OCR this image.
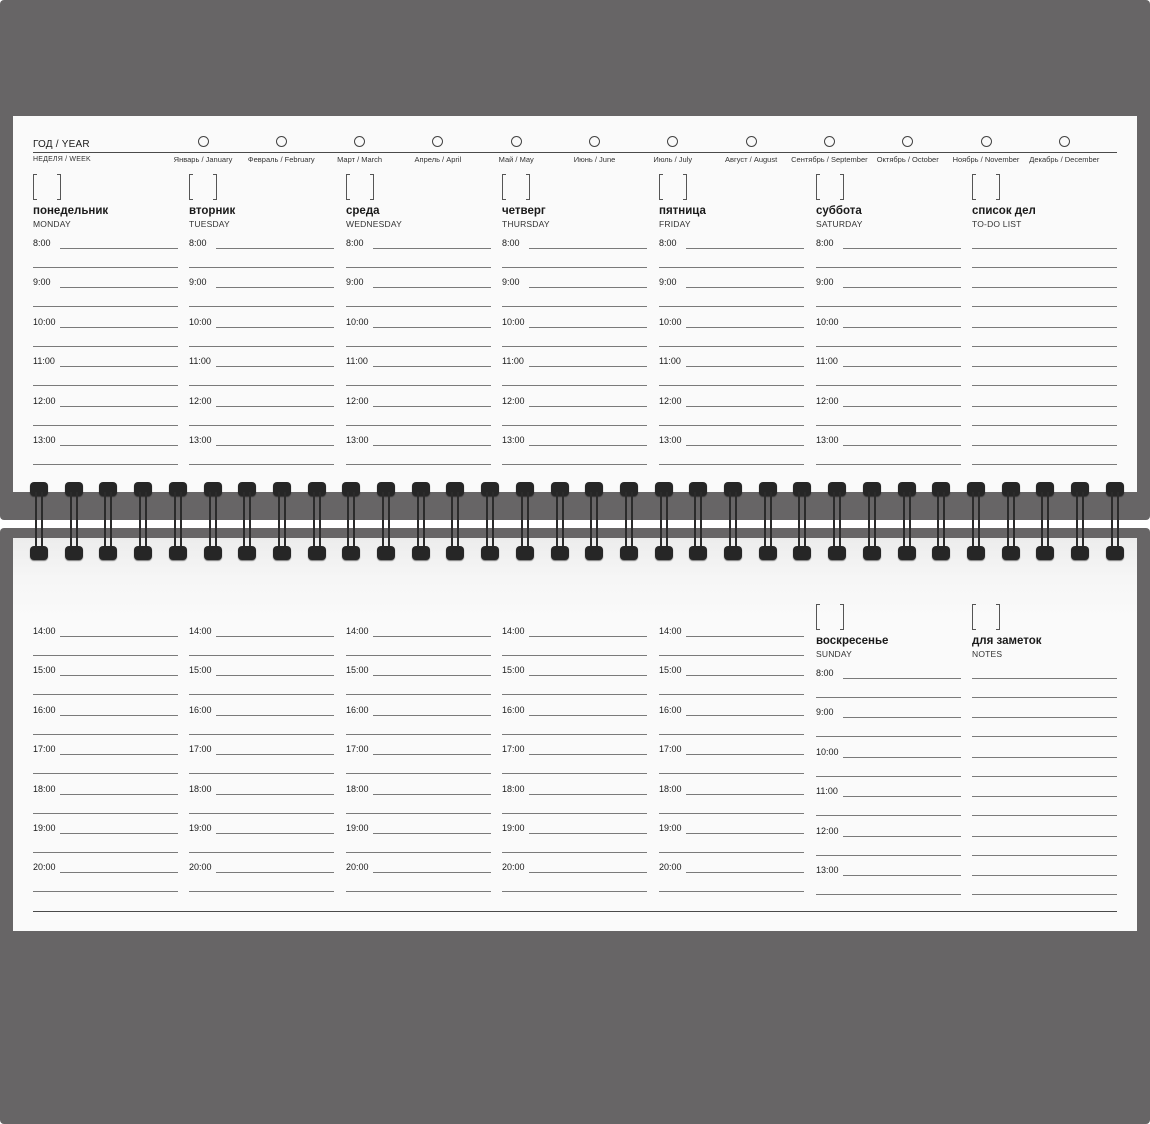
ГОД / YEAR
НЕДЕЛЯ / WEEK	Январь / January	Февраль / February	Март / March	Апрель / April	Май / May	Июнь / June	Июль / July	Август / August	Сентябрь / September	Октябрь / October	Ноябрь / November	Декабрь / December
понедельник
MONDAY
8:00
9:00
10:00
11:00
12:00
13:00
вторник
TUESDAY
8:00
9:00
10:00
11:00
12:00
13:00
среда
WEDNESDAY
8:00
9:00
10:00
11:00
12:00
13:00
четверг
THURSDAY
8:00
9:00
10:00
11:00
12:00
13:00
пятница
FRIDAY
8:00
9:00
10:00
11:00
12:00
13:00
суббота
SATURDAY
8:00
9:00
10:00
11:00
12:00
13:00
список дел
TO-DO LIST
14:00
15:00
16:00
17:00
18:00
19:00
20:00
14:00
15:00
16:00
17:00
18:00
19:00
20:00
14:00
15:00
16:00
17:00
18:00
19:00
20:00
14:00
15:00
16:00
17:00
18:00
19:00
20:00
14:00
15:00
16:00
17:00
18:00
19:00
20:00
воскресенье
SUNDAY
8:00
9:00
10:00
11:00
12:00
13:00
для заметок
NOTES
